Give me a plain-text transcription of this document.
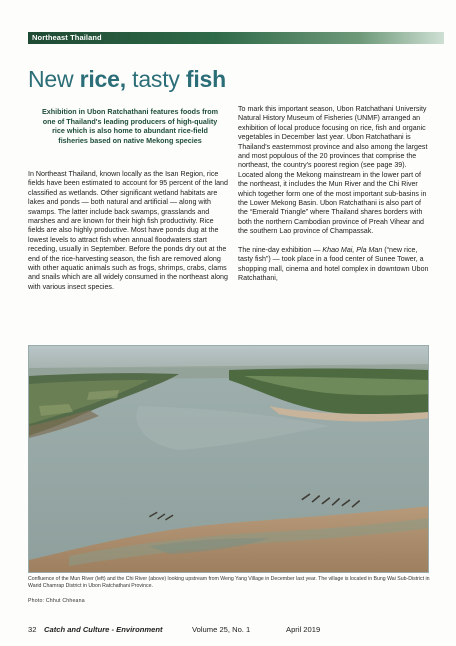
Northeast Thailand
New rice, tasty fish
Exhibition in Ubon Ratchathani features foods from one of Thailand's leading producers of high-quality rice which is also home to abundant rice-field fisheries based on native Mekong species
In Northeast Thailand, known locally as the Isan Region, rice fields have been estimated to account for 95 percent of the land classified as wetlands. Other significant wetland habitats are lakes and ponds — both natural and artificial — along with swamps. The latter include back swamps, grasslands and marshes and are known for their high fish productivity. Rice fields are also highly productive. Most have ponds dug at the lowest levels to attract fish when annual floodwaters start receding, usually in September. Before the ponds dry out at the end of the rice-harvesting season, the fish are removed along with other aquatic animals such as frogs, shrimps, crabs, clams and snails which are all widely consumed in the northeast along with various insect species.

To mark this important season, Ubon Ratchathani University Natural History Museum of Fisheries (UNMF) arranged an exhibition of local produce focusing on rice, fish and organic vegetables in December last year. Ubon Ratchathani is Thailand's easternmost province and also among the largest and most populous of the 20 provinces that comprise the northeast, the country's poorest region (see page 39). Located along the Mekong mainstream in the lower part of the northeast, it includes the Mun River and the Chi River which together form one of the most important sub-basins in the Lower Mekong Basin. Ubon Ratchathani is also part of the “Emerald Triangle” where Thailand shares borders with both the northern Cambodian province of Preah Vihear and the southern Lao province of Champassak.

The nine-day exhibition — Khao Mai, Pla Man (“new rice, tasty fish”) — took place in a food center of Sunee Tower, a shopping mall, cinema and hotel complex in downtown Ubon Ratchathani,

Confluence of the Mun River (left) and the Chi River (above) looking upstream from Weng Yang Village in December last year. The village is located in Bung Wai Sub-District in Warid Chamrap District in Ubon Ratchathani Province.
Photo: Chhut Chheana
32 Catch and Culture - Environment	Volume 25, No. 1	April 2019
